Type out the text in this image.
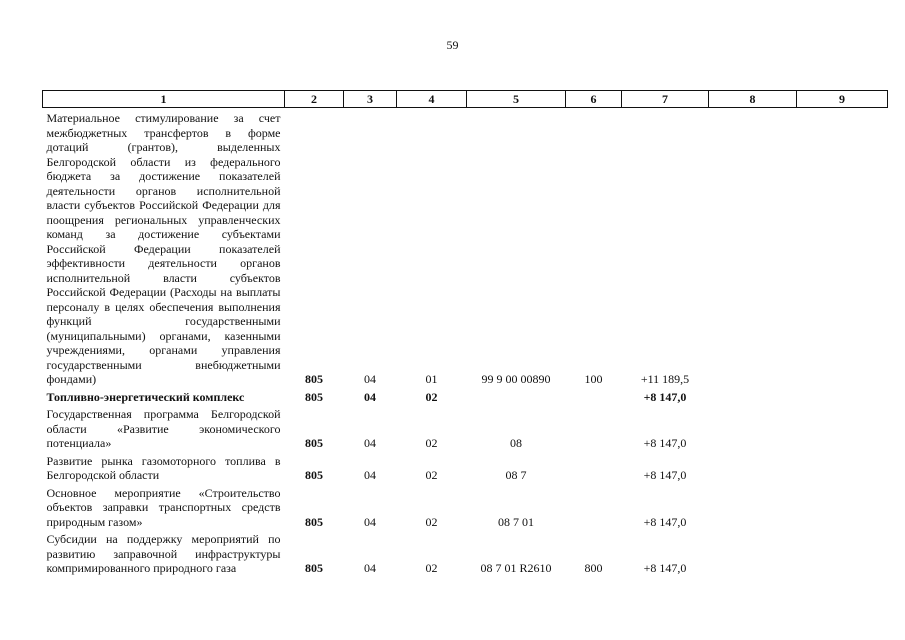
59
1	2	3	4	5	6	7	8	9
Материальное стимулирование за счет межбюджетных трансфертов в форме дотаций (грантов), выделенных Белгородской области из федерального бюджета за достижение показателей деятельности органов исполнительной власти субъектов Российской Федерации для поощрения региональных управленческих команд за достижение субъектами Российской Федерации показателей эффективности деятельности органов исполнительной власти субъектов Российской Федерации (Расходы на выплаты персоналу в целях обеспечения выполнения функций государственными (муниципальными) органами, казенными учреждениями, органами управления государственными внебюджетными фондами)	805	04	01	99 9 00 00890	100	+11 189,5		
Топливно-энергетический комплекс	805	04	02			+8 147,0		
Государственная программа Белгородской области «Развитие экономического потенциала»	805	04	02	08		+8 147,0		
Развитие рынка газомоторного топлива в Белгородской области	805	04	02	08 7		+8 147,0		
Основное мероприятие «Строительство объектов заправки транспортных средств природным газом»	805	04	02	08 7 01		+8 147,0		
Субсидии на поддержку мероприятий по развитию заправочной инфраструктуры компримированного природного газа	805	04	02	08 7 01 R2610	800	+8 147,0		
